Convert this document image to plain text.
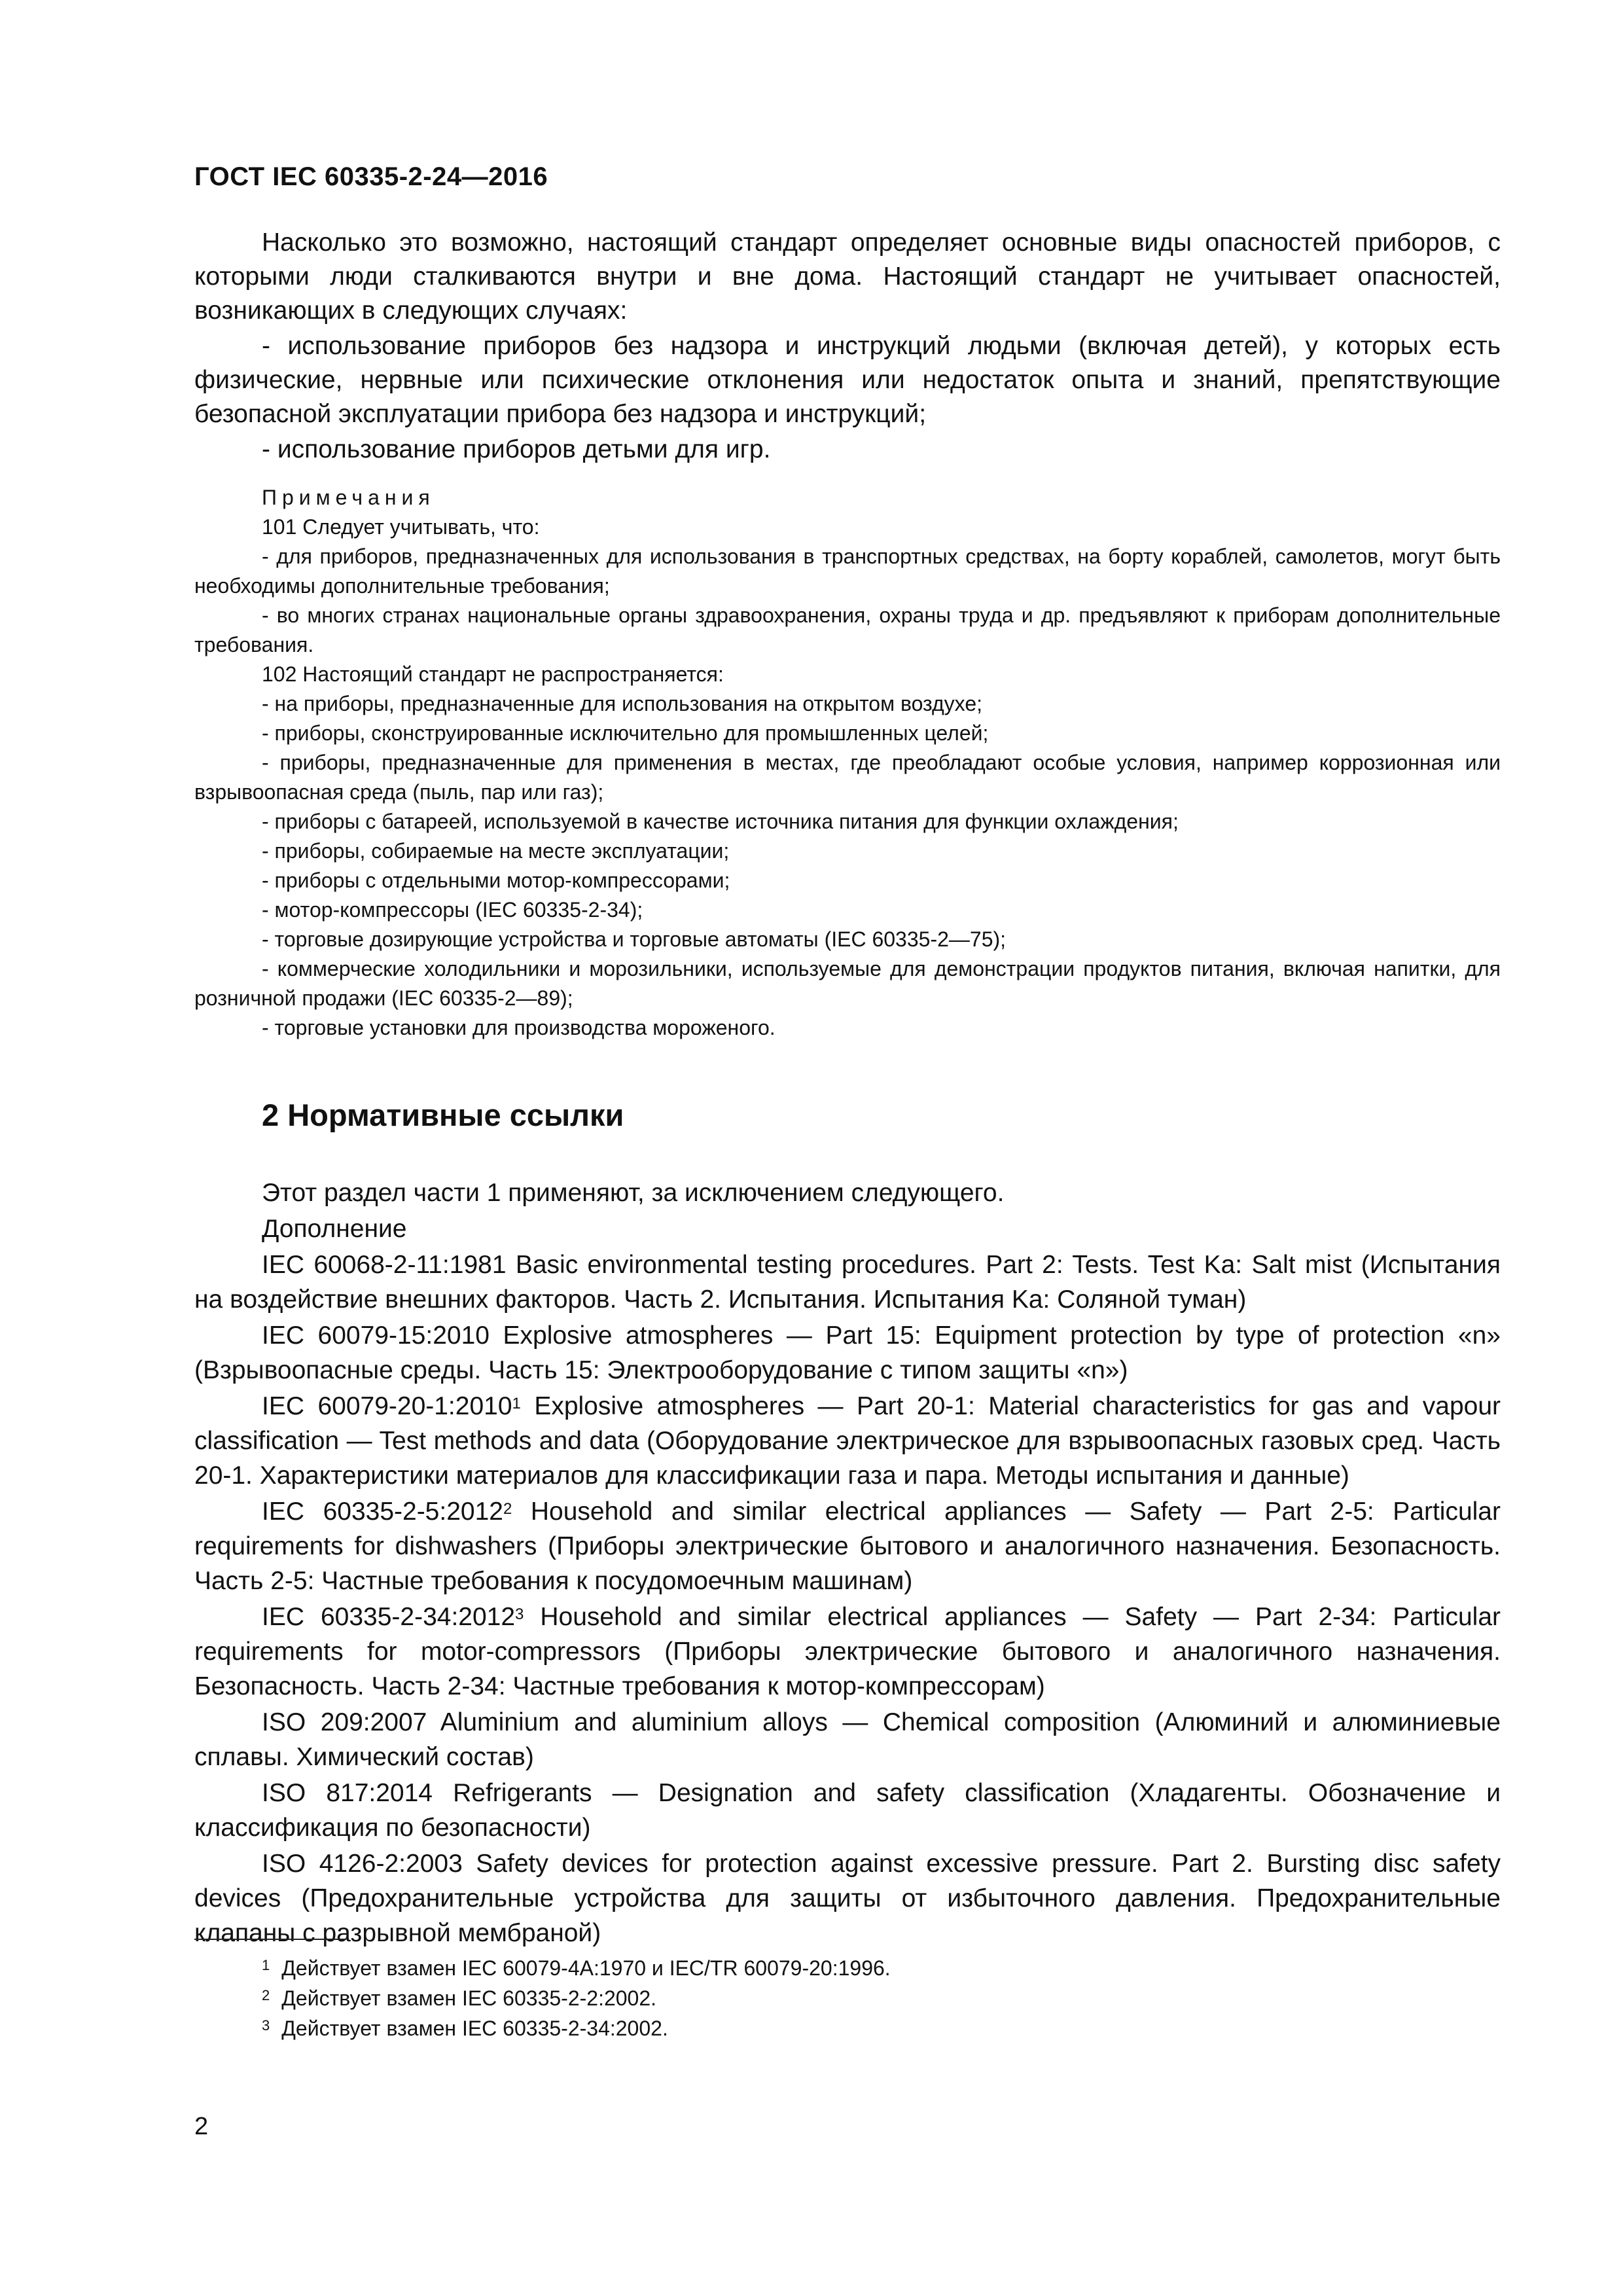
ГОСТ IEC 60335-2-24—2016

Насколько это возможно, настоящий стандарт определяет основные виды опасностей приборов, с которыми люди сталкиваются внутри и вне дома. Настоящий стандарт не учитывает опасностей, возникающих в следующих случаях:

- использование приборов без надзора и инструкций людьми (включая детей), у которых есть физические, нервные или психические отклонения или недостаток опыта и знаний, препятствующие безопасной эксплуатации прибора без надзора и инструкций;

- использование приборов детьми для игр.

Примечания

101 Следует учитывать, что:

- для приборов, предназначенных для использования в транспортных средствах, на борту кораблей, самолетов, могут быть необходимы дополнительные требования;

- во многих странах национальные органы здравоохранения, охраны труда и др. предъявляют к приборам дополнительные требования.

102 Настоящий стандарт не распространяется:

- на приборы, предназначенные для использования на открытом воздухе;

- приборы, сконструированные исключительно для промышленных целей;

- приборы, предназначенные для применения в местах, где преобладают особые условия, например коррозионная или взрывоопасная среда (пыль, пар или газ);

- приборы с батареей, используемой в качестве источника питания для функции охлаждения;

- приборы, собираемые на месте эксплуатации;

- приборы с отдельными мотор-компрессорами;

- мотор-компрессоры (IEC 60335-2-34);

- торговые дозирующие устройства и торговые автоматы (IEC 60335-2—75);

- коммерческие холодильники и морозильники, используемые для демонстрации продуктов питания, включая напитки, для розничной продажи (IEC 60335-2—89);

- торговые установки для производства мороженого.

2 Нормативные ссылки

Этот раздел части 1 применяют, за исключением следующего.

Дополнение

IEC 60068-2-11:1981 Basic environmental testing procedures. Part 2: Tests. Test Ka: Salt mist (Испытания на воздействие внешних факторов. Часть 2. Испытания. Испытания Ka: Соляной туман)

IEC 60079-15:2010 Explosive atmospheres — Part 15: Equipment protection by type of protection «n» (Взрывоопасные среды. Часть 15: Электрооборудование с типом защиты «n»)

IEC 60079-20-1:2010$^1$ Explosive atmospheres — Part 20-1: Material characteristics for gas and vapour classification — Test methods and data (Оборудование электрическое для взрывоопасных газовых сред. Часть 20-1. Характеристики материалов для классификации газа и пара. Методы испытания и данные)

IEC 60335-2-5:2012$^2$ Household and similar electrical appliances — Safety — Part 2-5: Particular requirements for dishwashers (Приборы электрические бытового и аналогичного назначения. Безопасность. Часть 2-5: Частные требования к посудомоечным машинам)

IEC 60335-2-34:2012$^3$ Household and similar electrical appliances — Safety — Part 2-34: Particular requirements for motor-compressors (Приборы электрические бытового и аналогичного назначения. Безопасность. Часть 2-34: Частные требования к мотор-компрессорам)

ISO 209:2007 Aluminium and aluminium alloys — Chemical composition (Алюминий и алюминиевые сплавы. Химический состав)

ISO 817:2014 Refrigerants — Designation and safety classification (Хладагенты. Обозначение и классификация по безопасности)

ISO 4126-2:2003 Safety devices for protection against excessive pressure. Part 2. Bursting disc safety devices (Предохранительные устройства для защиты от избыточного давления. Предохранительные клапаны с разрывной мембраной)

$^1$ Действует взамен IEC 60079-4A:1970 и IEC/TR 60079-20:1996.

$^2$ Действует взамен IEC 60335-2-2:2002.

$^3$ Действует взамен IEC 60335-2-34:2002.

2
